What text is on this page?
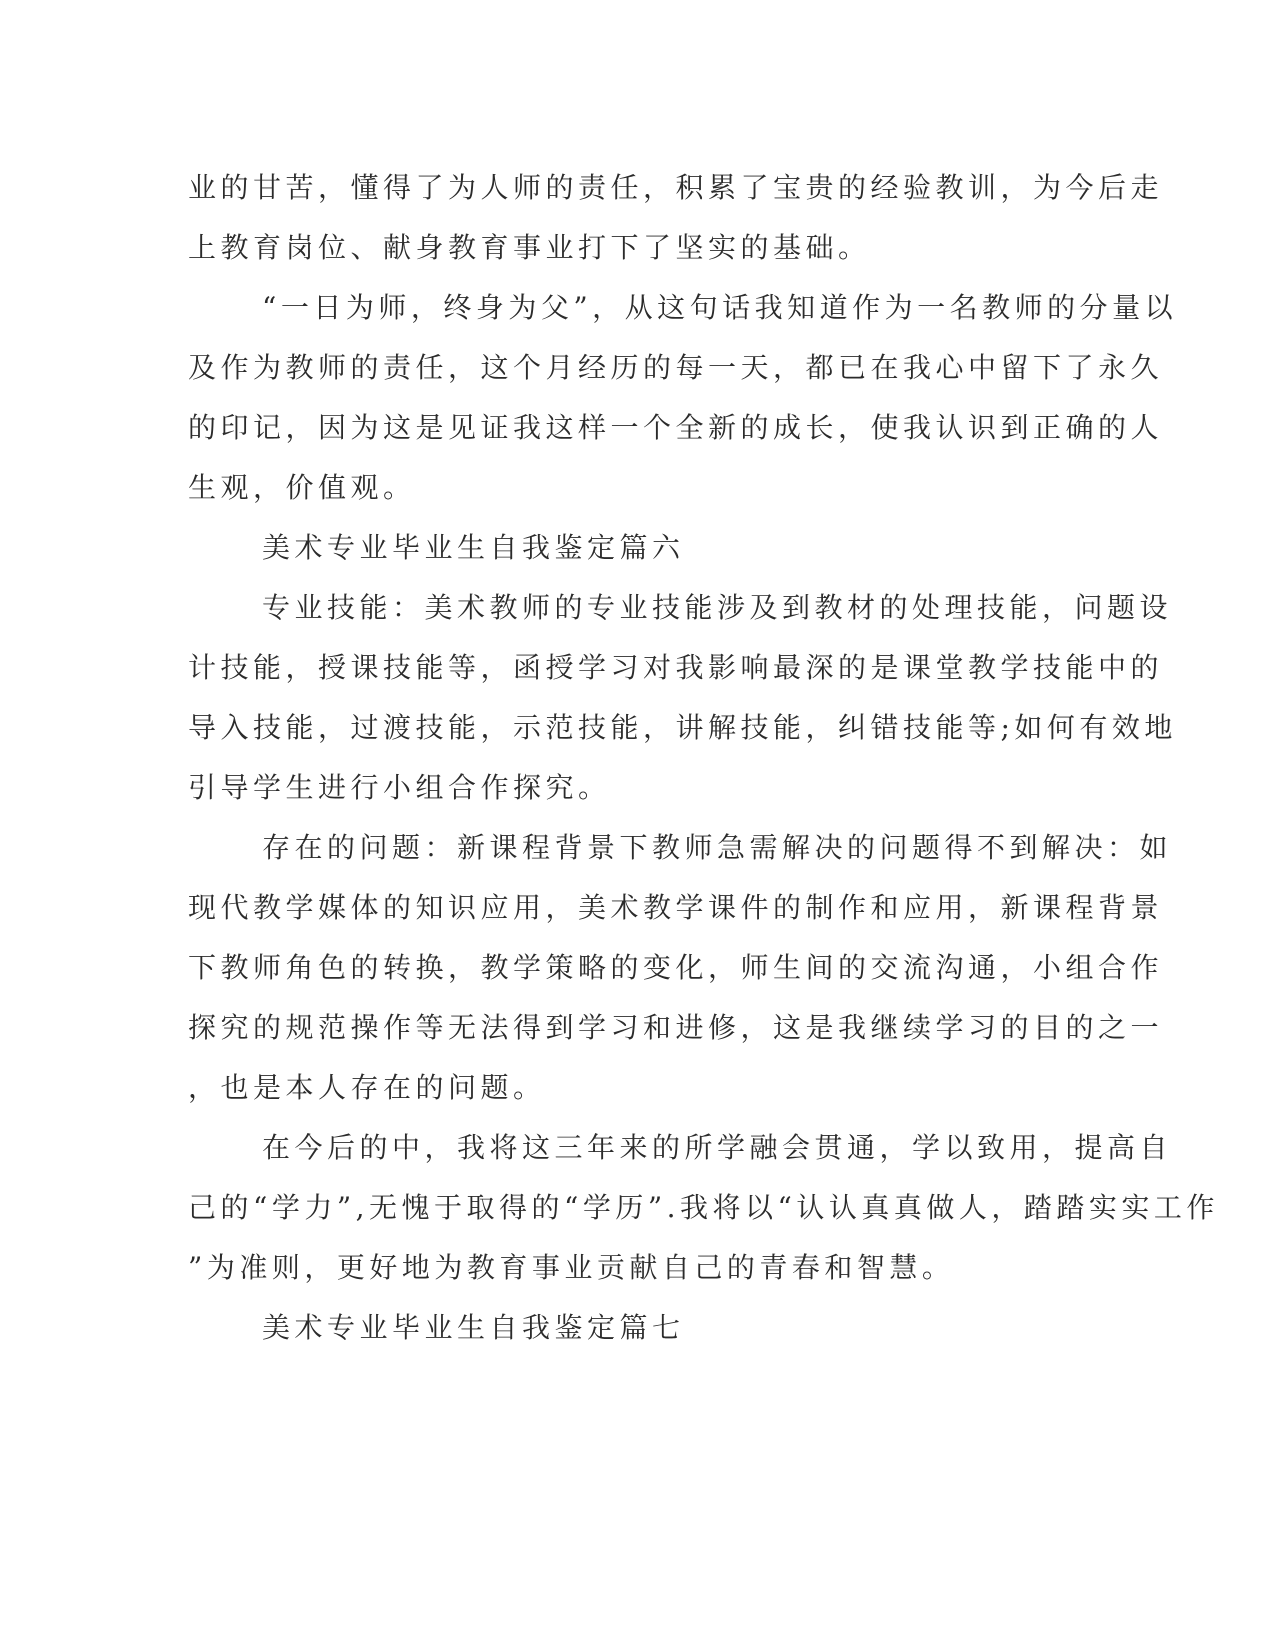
业的甘苦，懂得了为人师的责任，积累了宝贵的经验教训，为今后走
上教育岗位、献身教育事业打下了坚实的基础。
“一日为师，终身为父”，从这句话我知道作为一名教师的分量以
及作为教师的责任，这个月经历的每一天，都已在我心中留下了永久
的印记，因为这是见证我这样一个全新的成长，使我认识到正确的人
生观，价值观。
美术专业毕业生自我鉴定篇六
专业技能：美术教师的专业技能涉及到教材的处理技能，问题设
计技能，授课技能等，函授学习对我影响最深的是课堂教学技能中的
导入技能，过渡技能，示范技能，讲解技能，纠错技能等;如何有效地
引导学生进行小组合作探究。
存在的问题：新课程背景下教师急需解决的问题得不到解决：如
现代教学媒体的知识应用，美术教学课件的制作和应用，新课程背景
下教师角色的转换，教学策略的变化，师生间的交流沟通，小组合作
探究的规范操作等无法得到学习和进修，这是我继续学习的目的之一
，也是本人存在的问题。
在今后的中，我将这三年来的所学融会贯通，学以致用，提高自
己的“学力”,无愧于取得的“学历”.我将以“认认真真做人，踏踏实实工作
”为准则，更好地为教育事业贡献自己的青春和智慧。
美术专业毕业生自我鉴定篇七
